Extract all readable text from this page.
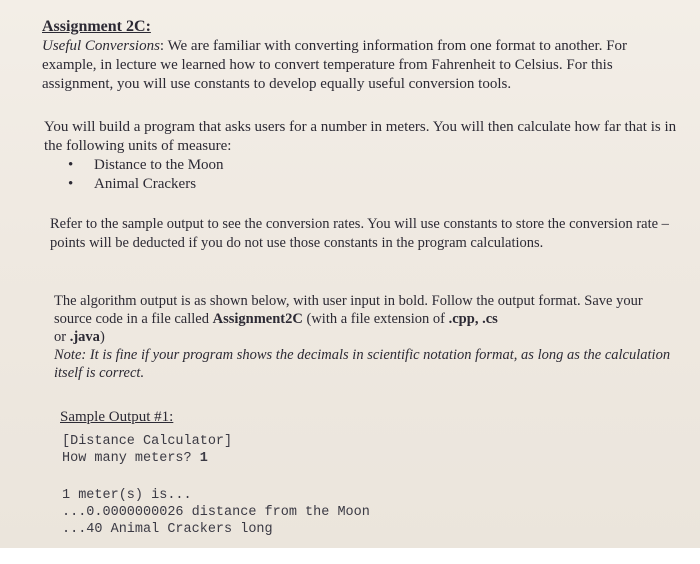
Assignment 2C:
Useful Conversions: We are familiar with converting information from one format to another. For example, in lecture we learned how to convert temperature from Fahrenheit to Celsius. For this assignment, you will use constants to develop equally useful conversion tools.
You will build a program that asks users for a number in meters. You will then calculate how far that is in the following units of measure:
• Distance to the Moon
• Animal Crackers
Refer to the sample output to see the conversion rates. You will use constants to store the conversion rate – points will be deducted if you do not use those constants in the program calculations.
The algorithm output is as shown below, with user input in bold. Follow the output format. Save your source code in a file called Assignment2C (with a file extension of .cpp, .cs
or .java)
Note: It is fine if your program shows the decimals in scientific notation format, as long as the calculation itself is correct.
Sample Output #1:
[Distance Calculator]
How many meters? 1
1 meter(s) is...
...0.0000000026 distance from the Moon
...40 Animal Crackers long
